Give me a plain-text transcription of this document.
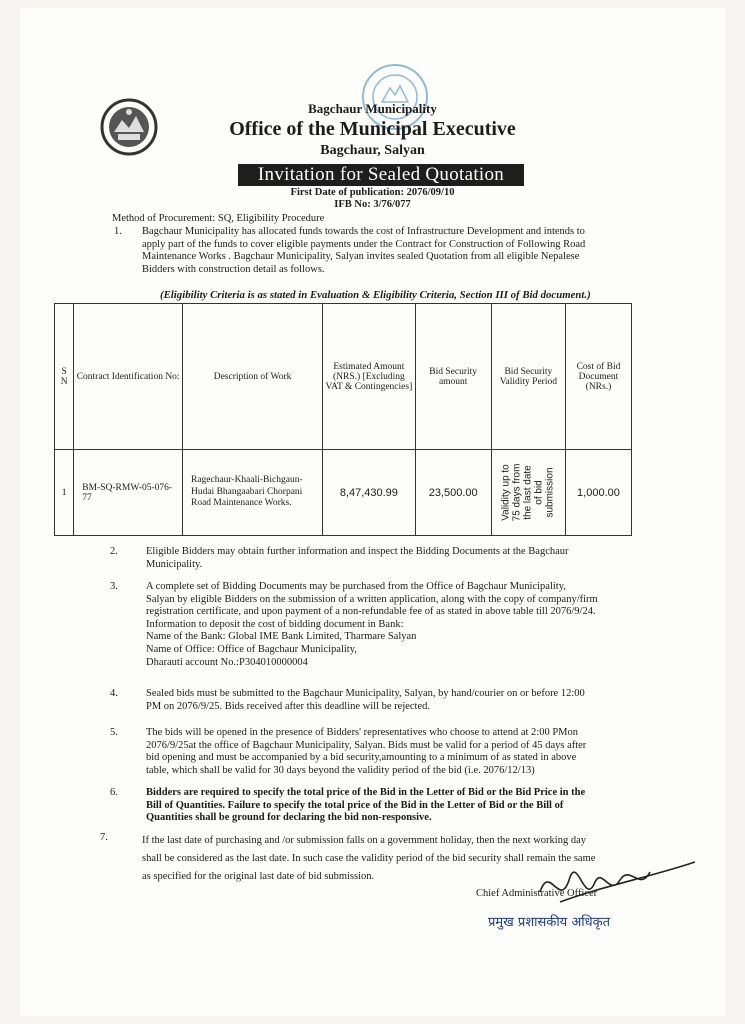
Bagchaur Municipality
Office of the Municipal Executive
Bagchaur, Salyan
Invitation for Sealed Quotation
First Date of publication: 2076/09/10
IFB No: 3/76/077
Method of Procurement: SQ, Eligibility Procedure
1. Bagchaur Municipality has allocated funds towards the cost of Infrastructure Development and intends to
apply part of the funds to cover eligible payments under the Contract for Construction of Following Road
Maintenance Works . Bagchaur Municipality, Salyan invites sealed Quotation from all eligible Nepalese
Bidders with construction detail as follows.
(Eligibility Criteria is as stated in Evaluation & Eligibility Criteria, Section III of Bid document.)
S N	Contract Identification No:	Description of Work	Estimated Amount (NRS.) [Excluding VAT & Contingencies]	Bid Security amount	Bid Security Validity Period	Cost of Bid Document (NRs.)
1	BM-SQ-RMW-05-076-77	Ragechaur-Khaali-Bichgaun-Hudai Bhangaabari Chorpani Road Maintenance Works.	8,47,430.99	23,500.00	Validity up to 75 days from the last date of bid submission	1,000.00
2.	Eligible Bidders may obtain further information and inspect the Bidding Documents at the Bagchaur
Municipality.
3.	A complete set of Bidding Documents may be purchased from the Office of Bagchaur Municipality,
Salyan by eligible Bidders on the submission of a written application, along with the copy of company/firm
registration certificate, and upon payment of a non-refundable fee of as stated in above table till 2076/9/24.
Information to deposit the cost of bidding document in Bank:
Name of the Bank: Global IME Bank Limited, Tharmare Salyan
Name of Office: Office of Bagchaur Municipality,
Dharauti account No.:P304010000004
4.	Sealed bids must be submitted to the Bagchaur Municipality, Salyan, by hand/courier on or before 12:00
PM on 2076/9/25. Bids received after this deadline will be rejected.
5.	The bids will be opened in the presence of Bidders' representatives who choose to attend at 2:00 PMon
2076/9/25at the office of Bagchaur Municipality, Salyan. Bids must be valid for a period of 45 days after
bid opening and must be accompanied by a bid security,amounting to a minimum of as stated in above
table, which shall be valid for 30 days beyond the validity period of the bid (i.e. 2076/12/13)
6.	Bidders are required to specify the total price of the Bid in the Letter of Bid or the Bid Price in the
Bill of Quantities. Failure to specify the total price of the Bid in the Letter of Bid or the Bill of
Quantities shall be ground for declaring the bid non-responsive.
7.	If the last date of purchasing and /or submission falls on a government holiday, then the next working day
shall be considered as the last date. In such case the validity period of the bid security shall remain the same
as specified for the original last date of bid submission.
Chief Administrative Officer
प्रमुख प्रशासकीय अधिकृत
